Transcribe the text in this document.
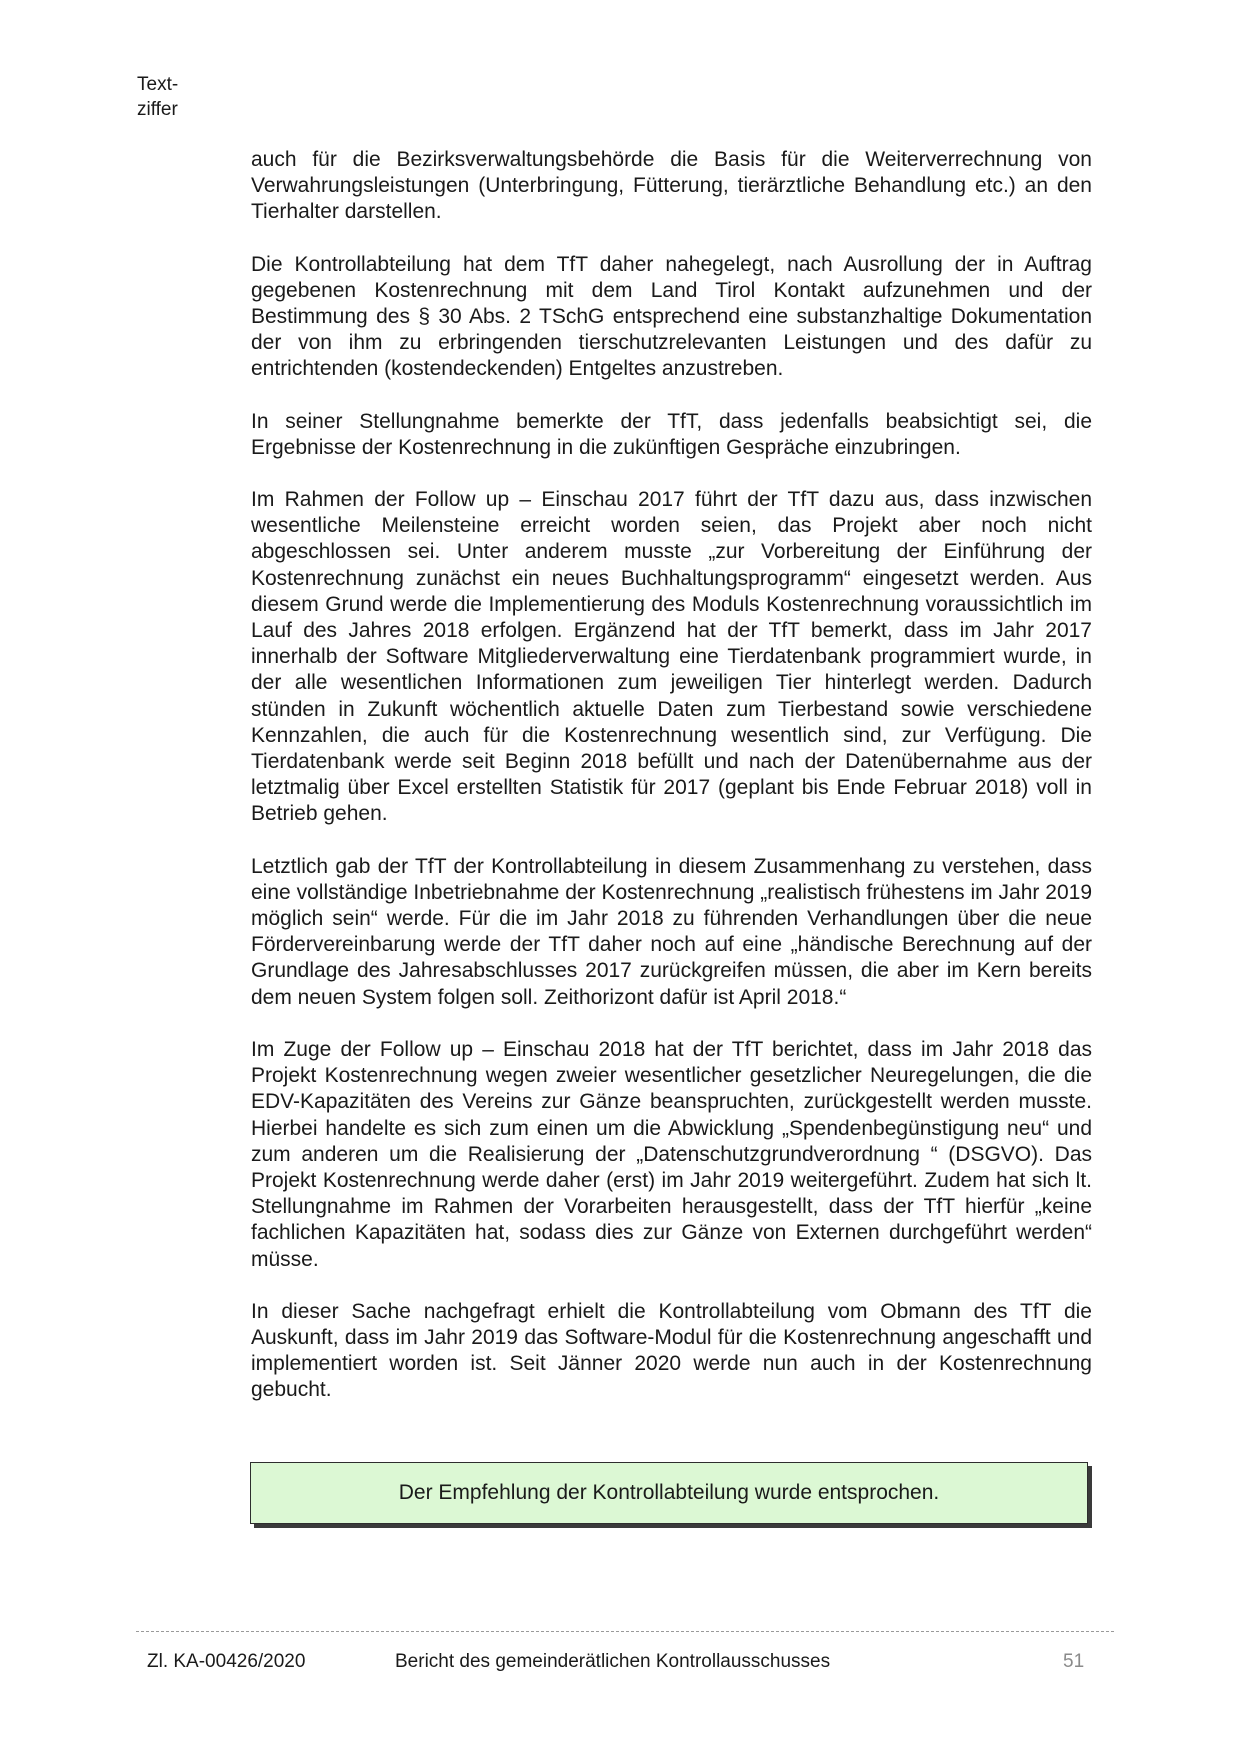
Text-
ziffer

auch für die Bezirksverwaltungsbehörde die Basis für die Weiterverrechnung von Verwahrungsleistungen (Unterbringung, Fütterung, tierärztliche Behandlung etc.) an den Tierhalter darstellen.

Die Kontrollabteilung hat dem TfT daher nahegelegt, nach Ausrollung der in Auftrag gegebenen Kostenrechnung mit dem Land Tirol Kontakt aufzunehmen und der Bestimmung des § 30 Abs. 2 TSchG entsprechend eine substanzhaltige Dokumentation der von ihm zu erbringenden tierschutzrelevanten Leistungen und des dafür zu entrichtenden (kostendeckenden) Entgeltes anzustreben.

In seiner Stellungnahme bemerkte der TfT, dass jedenfalls beabsichtigt sei, die Ergebnisse der Kostenrechnung in die zukünftigen Gespräche einzubringen.

Im Rahmen der Follow up – Einschau 2017 führt der TfT dazu aus, dass inzwischen wesentliche Meilensteine erreicht worden seien, das Projekt aber noch nicht abgeschlossen sei. Unter anderem musste „zur Vorbereitung der Einführung der Kostenrechnung zunächst ein neues Buchhaltungsprogramm“ eingesetzt werden. Aus diesem Grund werde die Implementierung des Moduls Kostenrechnung voraussichtlich im Lauf des Jahres 2018 erfolgen. Ergänzend hat der TfT bemerkt, dass im Jahr 2017 innerhalb der Software Mitgliederverwaltung eine Tierdatenbank programmiert wurde, in der alle wesentlichen Informationen zum jeweiligen Tier hinterlegt werden. Dadurch stünden in Zukunft wöchentlich aktuelle Daten zum Tierbestand sowie verschiedene Kennzahlen, die auch für die Kostenrechnung wesentlich sind, zur Verfügung. Die Tierdatenbank werde seit Beginn 2018 befüllt und nach der Datenübernahme aus der letztmalig über Excel erstellten Statistik für 2017 (geplant bis Ende Februar 2018) voll in Betrieb gehen.

Letztlich gab der TfT der Kontrollabteilung in diesem Zusammenhang zu verstehen, dass eine vollständige Inbetriebnahme der Kostenrechnung „realistisch frühestens im Jahr 2019 möglich sein“ werde. Für die im Jahr 2018 zu führenden Verhandlungen über die neue Fördervereinbarung werde der TfT daher noch auf eine „händische Berechnung auf der Grundlage des Jahresabschlusses 2017 zurückgreifen müssen, die aber im Kern bereits dem neuen System folgen soll. Zeithorizont dafür ist April 2018.“

Im Zuge der Follow up – Einschau 2018 hat der TfT berichtet, dass im Jahr 2018 das Projekt Kostenrechnung wegen zweier wesentlicher gesetzlicher Neuregelungen, die die EDV-Kapazitäten des Vereins zur Gänze beanspruchten, zurückgestellt werden musste. Hierbei handelte es sich zum einen um die Abwicklung „Spendenbegünstigung neu“ und zum anderen um die Realisierung der „Datenschutzgrundverordnung “ (DSGVO). Das Projekt Kostenrechnung werde daher (erst) im Jahr 2019 weitergeführt. Zudem hat sich lt. Stellungnahme im Rahmen der Vorarbeiten herausgestellt, dass der TfT hierfür „keine fachlichen Kapazitäten hat, sodass dies zur Gänze von Externen durchgeführt werden“ müsse.

In dieser Sache nachgefragt erhielt die Kontrollabteilung vom Obmann des TfT die Auskunft, dass im Jahr 2019 das Software-Modul für die Kostenrechnung angeschafft und implementiert worden ist. Seit Jänner 2020 werde nun auch in der Kostenrechnung gebucht.

Der Empfehlung der Kontrollabteilung wurde entsprochen.
Zl. KA-00426/2020	Bericht des gemeinderätlichen Kontrollausschusses	51
